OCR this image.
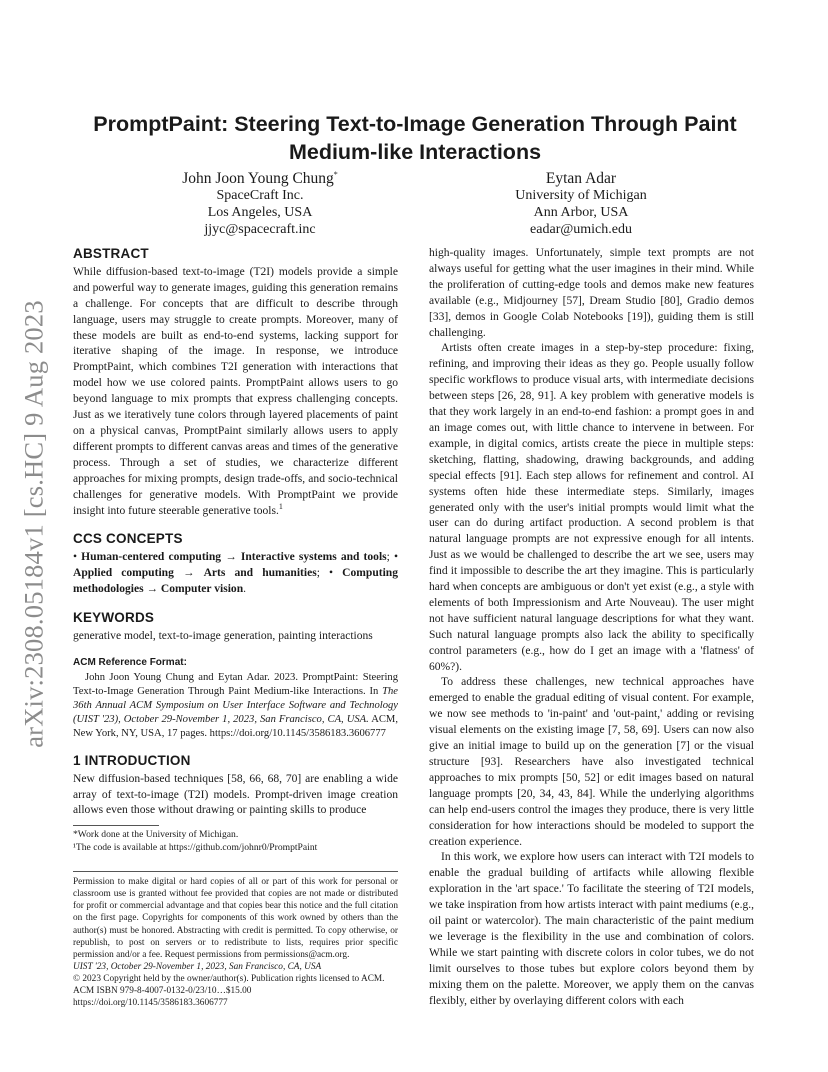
arXiv:2308.05184v1 [cs.HC] 9 Aug 2023
PromptPaint: Steering Text-to-Image Generation Through Paint
Medium-like Interactions
John Joon Young Chung*
SpaceCraft Inc.
Los Angeles, USA
jjyc@spacecraft.inc
Eytan Adar
University of Michigan
Ann Arbor, USA
eadar@umich.edu
ABSTRACT

While diffusion-based text-to-image (T2I) models provide a simple and powerful way to generate images, guiding this generation remains a challenge. For concepts that are difficult to describe through language, users may struggle to create prompts. Moreover, many of these models are built as end-to-end systems, lacking support for iterative shaping of the image. In response, we introduce PromptPaint, which combines T2I generation with interactions that model how we use colored paints. PromptPaint allows users to go beyond language to mix prompts that express challenging concepts. Just as we iteratively tune colors through layered placements of paint on a physical canvas, PromptPaint similarly allows users to apply different prompts to different canvas areas and times of the generative process. Through a set of studies, we characterize different approaches for mixing prompts, design trade-offs, and socio-technical challenges for generative models. With PromptPaint we provide insight into future steerable generative tools.$^1$

CCS CONCEPTS

• Human-centered computing → Interactive systems and tools; • Applied computing → Arts and humanities; • Computing methodologies → Computer vision.

KEYWORDS

generative model, text-to-image generation, painting interactions

ACM Reference Format:

John Joon Young Chung and Eytan Adar. 2023. PromptPaint: Steering Text-to-Image Generation Through Paint Medium-like Interactions. In The 36th Annual ACM Symposium on User Interface Software and Technology (UIST '23), October 29-November 1, 2023, San Francisco, CA, USA. ACM, New York, NY, USA, 17 pages. https://doi.org/10.1145/3586183.3606777

1 INTRODUCTION

New diffusion-based techniques [58, 66, 68, 70] are enabling a wide array of text-to-image (T2I) models. Prompt-driven image creation allows even those without drawing or painting skills to produce

*Work done at the University of Michigan.
¹The code is available at https://github.com/johnr0/PromptPaint
Permission to make digital or hard copies of all or part of this work for personal or classroom use is granted without fee provided that copies are not made or distributed for profit or commercial advantage and that copies bear this notice and the full citation on the first page. Copyrights for components of this work owned by others than the author(s) must be honored. Abstracting with credit is permitted. To copy otherwise, or republish, to post on servers or to redistribute to lists, requires prior specific permission and/or a fee. Request permissions from permissions@acm.org.
UIST '23, October 29-November 1, 2023, San Francisco, CA, USA
© 2023 Copyright held by the owner/author(s). Publication rights licensed to ACM.
ACM ISBN 979-8-4007-0132-0/23/10…$15.00
https://doi.org/10.1145/3586183.3606777

high-quality images. Unfortunately, simple text prompts are not always useful for getting what the user imagines in their mind. While the proliferation of cutting-edge tools and demos make new features available (e.g., Midjourney [57], Dream Studio [80], Gradio demos [33], demos in Google Colab Notebooks [19]), guiding them is still challenging.

Artists often create images in a step-by-step procedure: fixing, refining, and improving their ideas as they go. People usually follow specific workflows to produce visual arts, with intermediate decisions between steps [26, 28, 91]. A key problem with generative models is that they work largely in an end-to-end fashion: a prompt goes in and an image comes out, with little chance to intervene in between. For example, in digital comics, artists create the piece in multiple steps: sketching, flatting, shadowing, drawing backgrounds, and adding special effects [91]. Each step allows for refinement and control. AI systems often hide these intermediate steps. Similarly, images generated only with the user's initial prompts would limit what the user can do during artifact production. A second problem is that natural language prompts are not expressive enough for all intents. Just as we would be challenged to describe the art we see, users may find it impossible to describe the art they imagine. This is particularly hard when concepts are ambiguous or don't yet exist (e.g., a style with elements of both Impressionism and Arte Nouveau). The user might not have sufficient natural language descriptions for what they want. Such natural language prompts also lack the ability to specifically control parameters (e.g., how do I get an image with a 'flatness' of 60%?).

To address these challenges, new technical approaches have emerged to enable the gradual editing of visual content. For example, we now see methods to 'in-paint' and 'out-paint,' adding or revising visual elements on the existing image [7, 58, 69]. Users can now also give an initial image to build up on the generation [7] or the visual structure [93]. Researchers have also investigated technical approaches to mix prompts [50, 52] or edit images based on natural language prompts [20, 34, 43, 84]. While the underlying algorithms can help end-users control the images they produce, there is very little consideration for how interactions should be modeled to support the creation experience.

In this work, we explore how users can interact with T2I models to enable the gradual building of artifacts while allowing flexible exploration in the 'art space.' To facilitate the steering of T2I models, we take inspiration from how artists interact with paint mediums (e.g., oil paint or watercolor). The main characteristic of the paint medium we leverage is the flexibility in the use and combination of colors. While we start painting with discrete colors in color tubes, we do not limit ourselves to those tubes but explore colors beyond them by mixing them on the palette. Moreover, we apply them on the canvas flexibly, either by overlaying different colors with each
